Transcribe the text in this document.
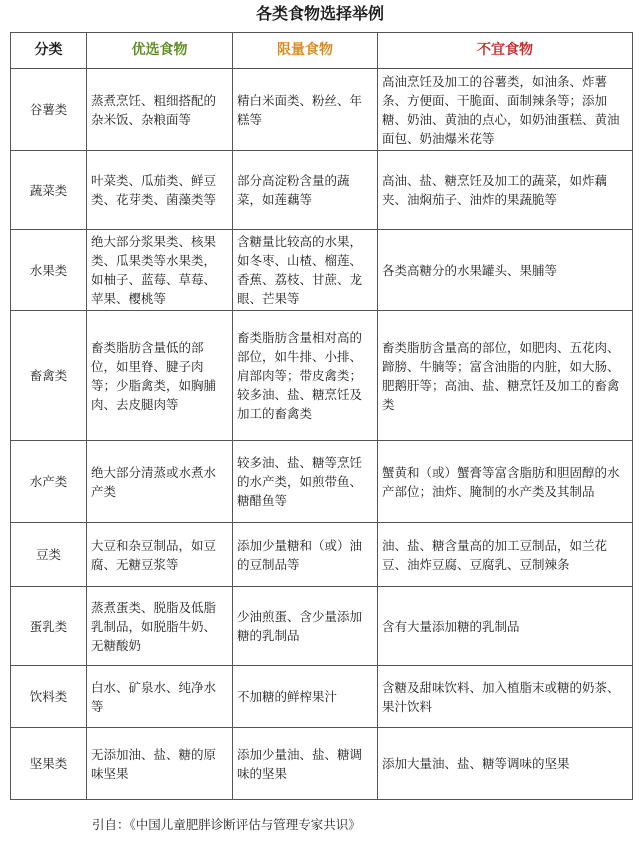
各类食物选择举例
分类	优选食物	限量食物	不宜食物
谷薯类	蒸煮烹饪、粗细搭配的杂米饭、杂粮面等	精白米面类、粉丝、年糕等	高油烹饪及加工的谷薯类，如油条、炸薯条、方便面、干脆面、面制辣条等；添加糖、奶油、黄油的点心，如奶油蛋糕、黄油面包、奶油爆米花等
蔬菜类	叶菜类、瓜茄类、鲜豆类、花芽类、菌藻类等	部分高淀粉含量的蔬菜，如莲藕等	高油、盐、糖烹饪及加工的蔬菜，如炸藕夹、油焖茄子、油炸的果蔬脆等
水果类	绝大部分浆果类、核果类、瓜果类等水果类，如柚子、蓝莓、草莓、苹果、樱桃等	含糖量比较高的水果，如冬枣、山楂、榴莲、香蕉、荔枝、甘蔗、龙眼、芒果等	各类高糖分的水果罐头、果脯等
畜禽类	畜类脂肪含量低的部位，如里脊、腱子肉等；少脂禽类，如胸脯肉、去皮腿肉等	畜类脂肪含量相对高的部位，如牛排、小排、肩部肉等；带皮禽类；较多油、盐、糖烹饪及加工的畜禽类	畜类脂肪含量高的部位，如肥肉、五花肉、蹄膀、牛腩等；富含油脂的内脏，如大肠、肥鹅肝等；高油、盐、糖烹饪及加工的畜禽类
水产类	绝大部分清蒸或水煮水产类	较多油、盐、糖等烹饪的水产类，如煎带鱼、糖醋鱼等	蟹黄和（或）蟹膏等富含脂肪和胆固醇的水产部位；油炸、腌制的水产类及其制品
豆类	大豆和杂豆制品，如豆腐、无糖豆浆等	添加少量糖和（或）油的豆制品等	油、盐、糖含量高的加工豆制品，如兰花豆、油炸豆腐、豆腐乳、豆制辣条
蛋乳类	蒸煮蛋类、脱脂及低脂乳制品，如脱脂牛奶、无糖酸奶	少油煎蛋、含少量添加糖的乳制品	含有大量添加糖的乳制品
饮料类	白水、矿泉水、纯净水等	不加糖的鲜榨果汁	含糖及甜味饮料、加入植脂末或糖的奶茶、果汁饮料
坚果类	无添加油、盐、糖的原味坚果	添加少量油、盐、糖调味的坚果	添加大量油、盐、糖等调味的坚果
引自：《中国儿童肥胖诊断评估与管理专家共识》
